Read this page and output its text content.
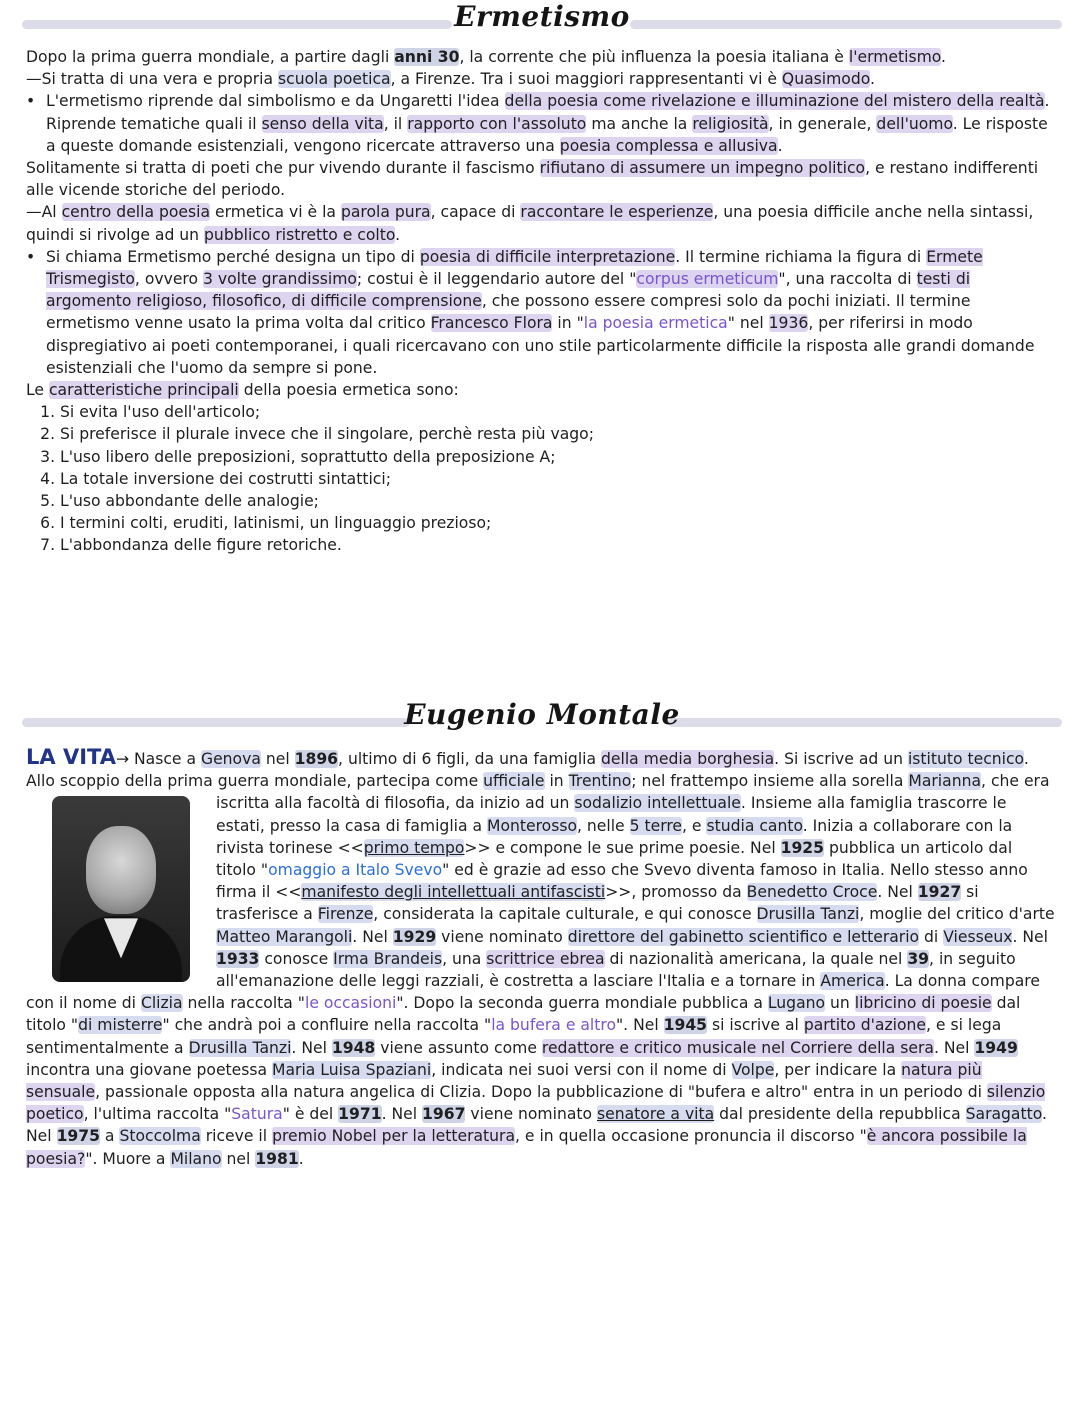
Ermetismo

Dopo la prima guerra mondiale, a partire dagli anni 30, la corrente che più influenza la poesia italiana è l'ermetismo.

—Si tratta di una vera e propria scuola poetica, a Firenze. Tra i suoi maggiori rappresentanti vi è Quasimodo.

• L'ermetismo riprende dal simbolismo e da Ungaretti l'idea della poesia come rivelazione e illuminazione del mistero della realtà. Riprende tematiche quali il senso della vita, il rapporto con l'assoluto ma anche la religiosità, in generale, dell'uomo. Le risposte a queste domande esistenziali, vengono ricercate attraverso una poesia complessa e allusiva.

Solitamente si tratta di poeti che pur vivendo durante il fascismo rifiutano di assumere un impegno politico, e restano indifferenti alle vicende storiche del periodo.

—Al centro della poesia ermetica vi è la parola pura, capace di raccontare le esperienze, una poesia difficile anche nella sintassi, quindi si rivolge ad un pubblico ristretto e colto.

• Si chiama Ermetismo perché designa un tipo di poesia di difficile interpretazione. Il termine richiama la figura di Ermete Trismegisto, ovvero 3 volte grandissimo; costui è il leggendario autore del "corpus ermeticum", una raccolta di testi di argomento religioso, filosofico, di difficile comprensione, che possono essere compresi solo da pochi iniziati. Il termine ermetismo venne usato la prima volta dal critico Francesco Flora in "la poesia ermetica" nel 1936, per riferirsi in modo dispregiativo ai poeti contemporanei, i quali ricercavano con uno stile particolarmente difficile la risposta alle grandi domande esistenziali che l'uomo da sempre si pone.

Le caratteristiche principali della poesia ermetica sono:

1. Si evita l'uso dell'articolo;
2. Si preferisce il plurale invece che il singolare, perchè resta più vago;
3. L'uso libero delle preposizioni, soprattutto della preposizione A;
4. La totale inversione dei costrutti sintattici;
5. L'uso abbondante delle analogie;
6. I termini colti, eruditi, latinismi, un linguaggio prezioso;
7. L'abbondanza delle figure retoriche.
Eugenio Montale

LA VITA→ Nasce a Genova nel 1896, ultimo di 6 figli, da una famiglia della media borghesia. Si iscrive ad un istituto tecnico. Allo scoppio della prima guerra mondiale, partecipa come ufficiale in Trentino; nel frattempo insieme alla sorella
Marianna, che era iscritta alla facoltà di filosofia, da inizio ad un sodalizio intellettuale. Insieme alla famiglia trascorre le estati, presso la casa di famiglia a Monterosso, nelle 5 terre, e studia canto. Inizia a collaborare con la rivista torinese <<primo tempo>> e compone le sue prime poesie. Nel 1925 pubblica un articolo dal titolo "omaggio a Italo Svevo" ed è grazie ad esso che Svevo diventa famoso in Italia. Nello stesso anno firma il <<manifesto degli intellettuali antifascisti>>, promosso da Benedetto Croce. Nel 1927 si trasferisce a Firenze, considerata la capitale culturale, e qui conosce Drusilla Tanzi, moglie del critico d'arte Matteo Marangoli. Nel 1929 viene nominato direttore del gabinetto scientifico e letterario di Viesseux. Nel 1933 conosce Irma Brandeis, una scrittrice ebrea di nazionalità americana, la quale nel 39, in seguito all'emanazione delle leggi razziali, è costretta a lasciare l'Italia e a tornare in America. La donna compare con il nome di Clizia nella raccolta "le occasioni". Dopo la seconda guerra mondiale pubblica a Lugano un libricino di poesie dal titolo "di misterre" che andrà poi a confluire nella raccolta "la bufera e altro". Nel 1945 si iscrive al partito d'azione, e si lega sentimentalmente a Drusilla Tanzi. Nel 1948 viene assunto come redattore e critico musicale nel Corriere della sera. Nel 1949 incontra una giovane poetessa Maria Luisa Spaziani, indicata nei suoi versi con il nome di Volpe, per indicare la natura più sensuale, passionale opposta alla natura angelica di Clizia. Dopo la pubblicazione di "bufera e altro" entra in un periodo di silenzio poetico, l'ultima raccolta "Satura" è del 1971. Nel 1967 viene nominato senatore a vita dal presidente della repubblica Saragatto. Nel 1975 a Stoccolma riceve il premio Nobel per la letteratura, e in quella occasione pronuncia il discorso "è ancora possibile la poesia?". Muore a Milano nel 1981.
